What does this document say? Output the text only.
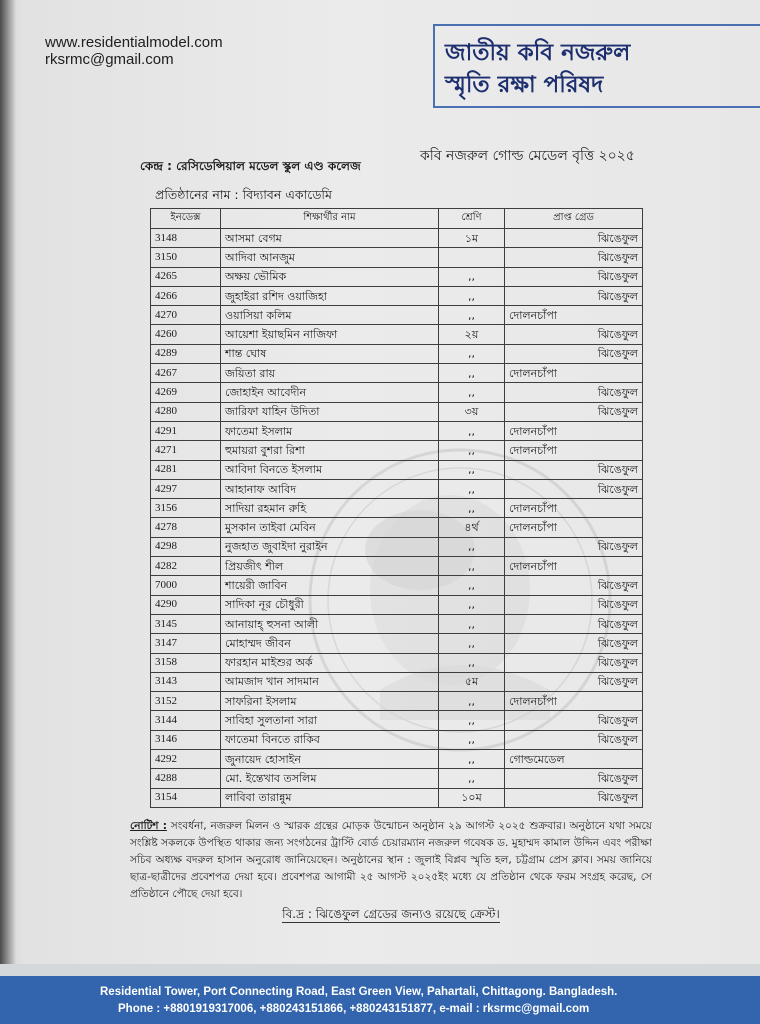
www.residentialmodel.com
rksrmc@gmail.com	জাতীয় কবি নজরুল
স্মৃতি রক্ষা পরিষদ
কবি নজরুল গোল্ড মেডেল বৃত্তি ২০২৫
কেন্দ্র : রেসিডেন্সিয়াল মডেল স্কুল এণ্ড কলেজ
প্রতিষ্ঠানের নাম : বিদ্যাবন একাডেমি
ইনডেক্স	শিক্ষার্থীর নাম	শ্রেণি	প্রাপ্ত গ্রেড
3148	আসমা বেগম	১ম	ঝিঙেফুল
3150	আদিবা আনজুম		ঝিঙেফুল
4265	অক্ষয় ভৌমিক	,,	ঝিঙেফুল
4266	জুহাইরা রশিদ ওয়াজিহা	,,	ঝিঙেফুল
4270	ওয়াসিয়া কলিম	,,	দোলনচাঁপা
4260	আয়েশা ইয়াছমিন নাজিফা	২য়	ঝিঙেফুল
4289	শান্ত ঘোষ	,,	ঝিঙেফুল
4267	জয়িতা রায়	,,	দোলনচাঁপা
4269	জোহাইন আবেদীন	,,	ঝিঙেফুল
4280	জারিফা যাহিন উদিতা	৩য়	ঝিঙেফুল
4291	ফাতেমা ইসলাম	,,	দোলনচাঁপা
4271	হুমায়রা বুশরা রিশা	,,	দোলনচাঁপা
4281	আবিদা বিনতে ইসলাম	,,	ঝিঙেফুল
4297	আহানাফ আবিদ	,,	ঝিঙেফুল
3156	সাদিয়া রহমান রুহি	,,	দোলনচাঁপা
4278	মুসকান তাইবা মেবিন	৪র্থ	দোলনচাঁপা
4298	নুজহাত জুবাইদা নুরাইন	,,	ঝিঙেফুল
4282	প্রিয়জীৎ শীল	,,	দোলনচাঁপা
7000	শায়েরী জাবিন	,,	ঝিঙেফুল
4290	সাদিকা নূর চৌধুরী	,,	ঝিঙেফুল
3145	আনায়াহ্ হুসনা আলী	,,	ঝিঙেফুল
3147	মোহাম্মদ জীবন	,,	ঝিঙেফুল
3158	ফারহান মাইশুর অর্ক	,,	ঝিঙেফুল
3143	আমজাদ খান সাদমান	৫ম	ঝিঙেফুল
3152	সাফরিনা ইসলাম	,,	দোলনচাঁপা
3144	সাবিহা সুলতানা সারা	,,	ঝিঙেফুল
3146	ফাতেমা বিনতে রাকিব	,,	ঝিঙেফুল
4292	জুনায়েদ হোসাইন	,,	গোল্ডমেডেল
4288	মো. ইন্তেখাব তসলিম	,,	ঝিঙেফুল
3154	লাবিবা তারান্নুম	১০ম	ঝিঙেফুল
নোটিশ : সংবর্ধনা, নজরুল মিলন ও স্মারক গ্রন্থের মোড়ক উন্মোচন অনুষ্ঠান ২৯ আগস্ট ২০২৫ শুক্রবার। অনুষ্ঠানে যথা সময়ে সংশ্লিষ্ট সকলকে উপস্থিত থাকার জন্য সংগঠনের ট্রাস্টি বোর্ড চেয়ারম্যান নজরুল গবেষক ড. মুহাম্মদ কামাল উদ্দিন এবং পরীক্ষা সচিব অধ্যক্ষ বদরুল হাসান অনুরোধ জানিয়েছেন। অনুষ্ঠানের স্থান : জুলাই বিপ্লব স্মৃতি হল, চট্টগ্রাম প্রেস ক্লাব। সময় জানিয়ে ছাত্র-ছাত্রীদের প্রবেশপত্র দেয়া হবে। প্রবেশপত্র আগামী ২৫ আগস্ট ২০২৫ইং মধ্যে যে প্রতিষ্ঠান থেকে ফরম সংগ্রহ করেছ, সে প্রতিষ্ঠানে পৌছে দেয়া হবে।
বি.দ্র : ঝিঙেফুল গ্রেডের জন্যও রয়েছে ক্রেস্ট।
Residential Tower, Port Connecting Road, East Green View, Pahartali, Chittagong. Bangladesh.
Phone : +8801919317006, +880243151866, +880243151877, e-mail : rksrmc@gmail.com
